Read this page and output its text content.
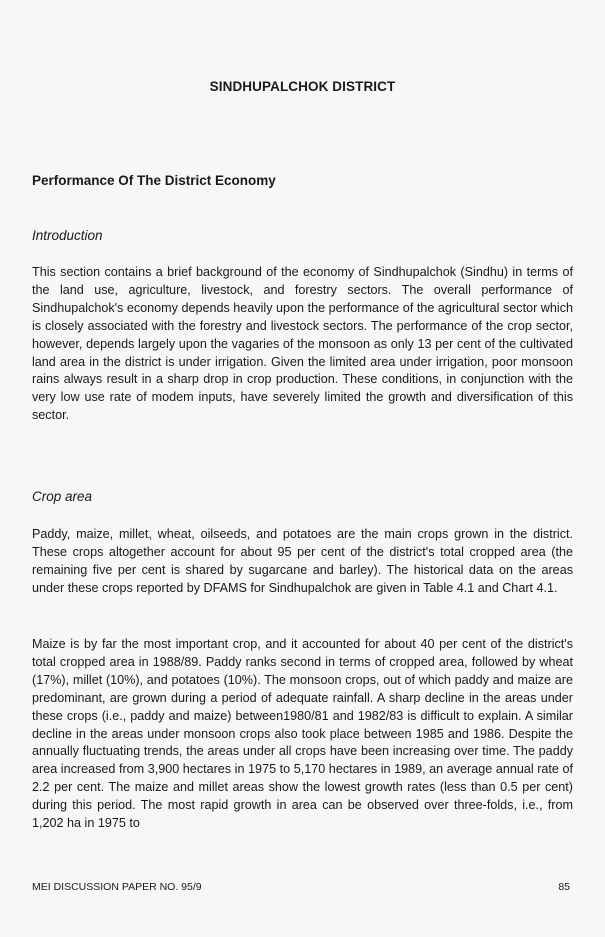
SINDHUPALCHOK DISTRICT
Performance Of The District Economy
Introduction

This section contains a brief background of the economy of Sindhupalchok (Sindhu) in terms of the land use, agriculture, livestock, and forestry sectors. The overall performance of Sindhupalchok's economy depends heavily upon the performance of the agricultural sector which is closely associated with the forestry and livestock sectors. The performance of the crop sector, however, depends largely upon the vagaries of the monsoon as only 13 per cent of the cultivated land area in the district is under irrigation. Given the limited area under irrigation, poor monsoon rains always result in a sharp drop in crop production. These conditions, in conjunction with the very low use rate of modem inputs, have severely limited the growth and diversification of this sector.

Crop area

Paddy, maize, millet, wheat, oilseeds, and potatoes are the main crops grown in the district. These crops altogether account for about 95 per cent of the district's total cropped area (the remaining five per cent is shared by sugarcane and barley). The historical data on the areas under these crops reported by DFAMS for Sindhupalchok are given in Table 4.1 and Chart 4.1.

Maize is by far the most important crop, and it accounted for about 40 per cent of the district's total cropped area in 1988/89. Paddy ranks second in terms of cropped area, followed by wheat (17%), millet (10%), and potatoes (10%). The monsoon crops, out of which paddy and maize are predominant, are grown during a period of adequate rainfall. A sharp decline in the areas under these crops (i.e., paddy and maize) between1980/81 and 1982/83 is difficult to explain. A similar decline in the areas under monsoon crops also took place between 1985 and 1986. Despite the annually fluctuating trends, the areas under all crops have been increasing over time. The paddy area increased from 3,900 hectares in 1975 to 5,170 hectares in 1989, an average annual rate of 2.2 per cent. The maize and millet areas show the lowest growth rates (less than 0.5 per cent) during this period. The most rapid growth in area can be observed over three-folds, i.e., from 1,202 ha in 1975 to

MEI DISCUSSION PAPER NO. 95/9	85
